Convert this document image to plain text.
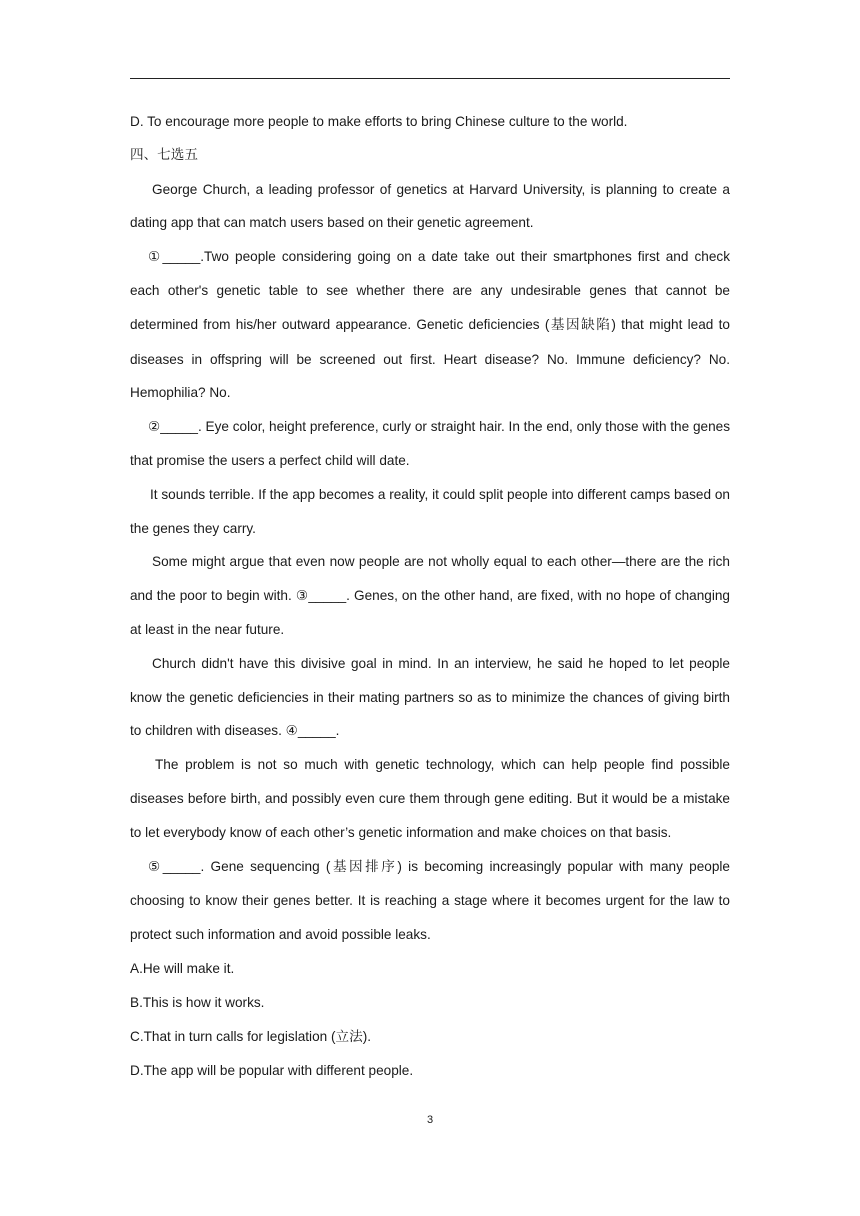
D. To encourage more people to make efforts to bring Chinese culture to the world.

四、七选五

George Church, a leading professor of genetics at Harvard University, is planning to create a dating app that can match users based on their genetic agreement.

①_____.Two people considering going on a date take out their smartphones first and check each other's genetic table to see whether there are any undesirable genes that cannot be determined from his/her outward appearance. Genetic deficiencies (基因缺陷) that might lead to diseases in offspring will be screened out first. Heart disease? No. Immune deficiency? No. Hemophilia? No.

②_____. Eye color, height preference, curly or straight hair. In the end, only those with the genes that promise the users a perfect child will date.

It sounds terrible. If the app becomes a reality, it could split people into different camps based on the genes they carry.

Some might argue that even now people are not wholly equal to each other—there are the rich and the poor to begin with. ③_____. Genes, on the other hand, are fixed, with no hope of changing at least in the near future.

Church didn't have this divisive goal in mind. In an interview, he said he hoped to let people know the genetic deficiencies in their mating partners so as to minimize the chances of giving birth to children with diseases. ④_____.

The problem is not so much with genetic technology, which can help people find possible diseases before birth, and possibly even cure them through gene editing. But it would be a mistake to let everybody know of each other’s genetic information and make choices on that basis.

⑤_____. Gene sequencing (基因排序) is becoming increasingly popular with many people choosing to know their genes better. It is reaching a stage where it becomes urgent for the law to protect such information and avoid possible leaks.

A.He will make it.

B.This is how it works.

C.That in turn calls for legislation (立法).

D.The app will be popular with different people.

3
